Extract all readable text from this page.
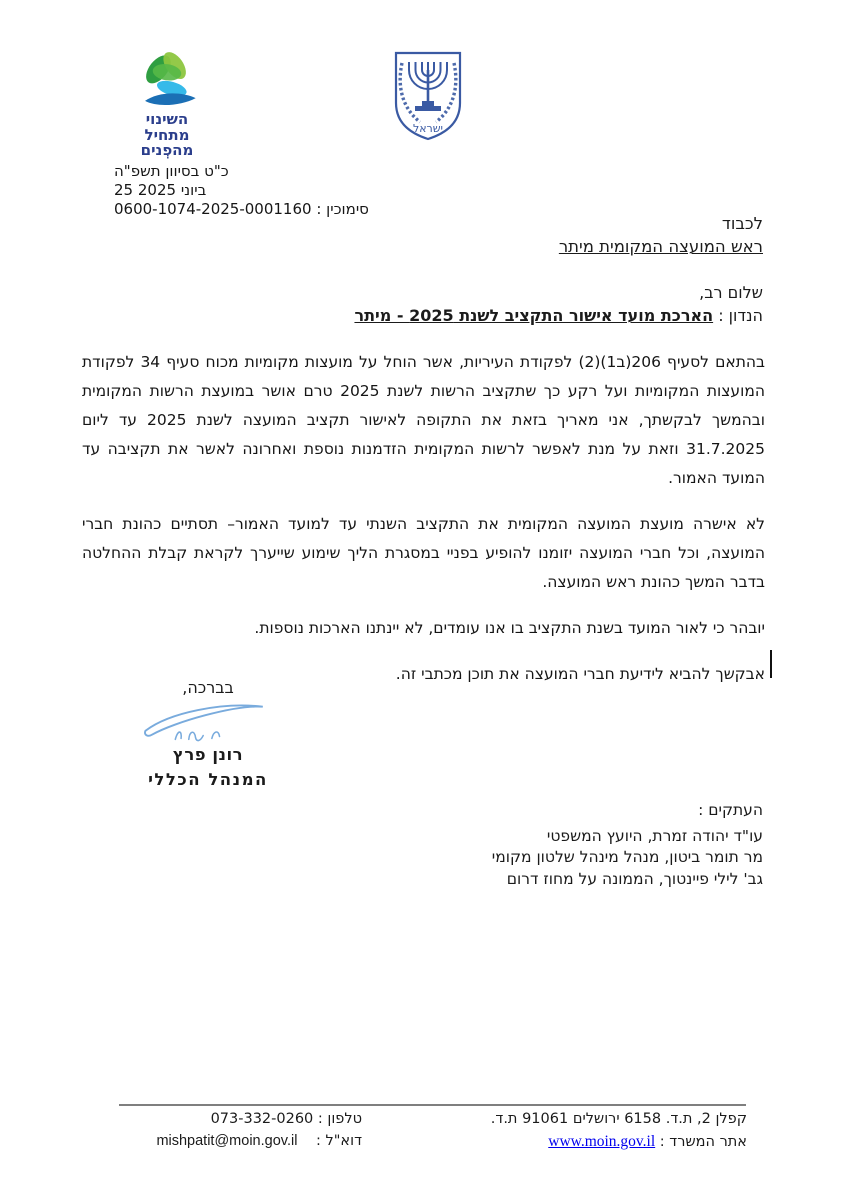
השינוי
מתחיל
מהפְנים
ישראל
כ"ט בסיוון תשפ"ה
25 ביוני 2025
סימוכין : 0600-1074-2025-0001160
לכבוד
ראש המועצה המקומית מיתר
שלום רב,
הנדון : הארכת מועד אישור התקציב לשנת 2025 - מיתר

בהתאם לסעיף 206(ב1)(2) לפקודת העיריות, אשר הוחל על מועצות מקומיות מכוח סעיף 34 לפקודת המועצות המקומיות ועל רקע כך שתקציב הרשות לשנת 2025 טרם אושר במועצת הרשות המקומית ובהמשך לבקשתך, אני מאריך בזאת את התקופה לאישור תקציב המועצה לשנת 2025 עד ליום 31.7.2025 וזאת על מנת לאפשר לרשות המקומית הזדמנות נוספת ואחרונה לאשר את תקציבה עד המועד האמור.

לא אישרה מועצת המועצה המקומית את התקציב השנתי עד למועד האמור– תסתיים כהונת חברי המועצה, וכל חברי המועצה יזומנו להופיע בפניי במסגרת הליך שימוע שייערך לקראת קבלת ההחלטה בדבר המשך כהונת ראש המועצה.

יובהר כי לאור המועד בשנת התקציב בו אנו עומדים, לא יינתנו הארכות נוספות.

אבקשך להביא לידיעת חברי המועצה את תוכן מכתבי זה.

בברכה,
רונן פרץ
המנהל הכללי
העתקים :
עו"ד יהודה זמרת, היועץ המשפטי
מר תומר ביטון, מנהל מינהל שלטון מקומי
גב' לילי פיינטוך, הממונה על מחוז דרום
קפלן 2, ת.ד. 6158 ירושלים 91061 ת.ד.
אתר המשרד : www.moin.gov.il
טלפון : 073-332-0260
דוא"ל : mishpatit@moin.gov.il
